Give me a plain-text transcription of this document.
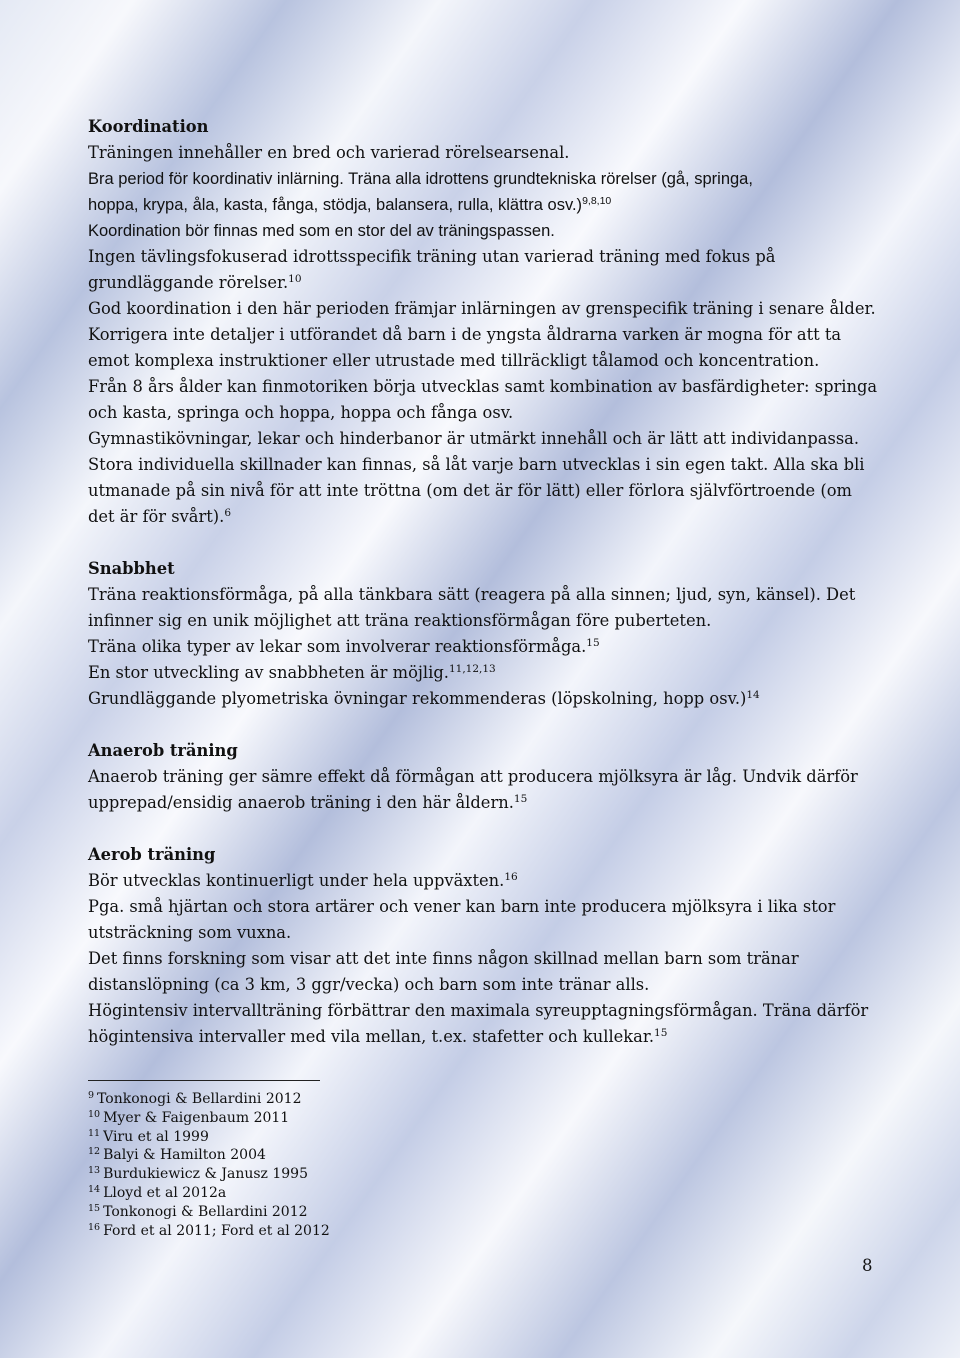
Koordination

Träningen innehåller en bred och varierad rörelsearsenal.

Bra period för koordinativ inlärning. Träna alla idrottens grundtekniska rörelser (gå, springa,

hoppa, krypa, åla, kasta, fånga, stödja, balansera, rulla, klättra osv.)$^{9,8,10}$

Koordination bör finnas med som en stor del av träningspassen.

Ingen tävlingsfokuserad idrottsspecifik träning utan varierad träning med fokus på

grundläggande rörelser.$^{10}$

God koordination i den här perioden främjar inlärningen av grenspecifik träning i senare ålder.

Korrigera inte detaljer i utförandet då barn i de yngsta åldrarna varken är mogna för att ta

emot komplexa instruktioner eller utrustade med tillräckligt tålamod och koncentration.

Från 8 års ålder kan finmotoriken börja utvecklas samt kombination av basfärdigheter: springa

och kasta, springa och hoppa, hoppa och fånga osv.

Gymnastikövningar, lekar och hinderbanor är utmärkt innehåll och är lätt att individanpassa.

Stora individuella skillnader kan finnas, så låt varje barn utvecklas i sin egen takt. Alla ska bli

utmanade på sin nivå för att inte tröttna (om det är för lätt) eller förlora självförtroende (om

det är för svårt).$^6$

Snabbhet

Träna reaktionsförmåga, på alla tänkbara sätt (reagera på alla sinnen; ljud, syn, känsel). Det

infinner sig en unik möjlighet att träna reaktionsförmågan före puberteten.

Träna olika typer av lekar som involverar reaktionsförmåga.$^{15}$

En stor utveckling av snabbheten är möjlig.$^{11,12,13}$

Grundläggande plyometriska övningar rekommenderas (löpskolning, hopp osv.)$^{14}$

Anaerob träning

Anaerob träning ger sämre effekt då förmågan att producera mjölksyra är låg. Undvik därför

upprepad/ensidig anaerob träning i den här åldern.$^{15}$

Aerob träning

Bör utvecklas kontinuerligt under hela uppväxten.$^{16}$

Pga. små hjärtan och stora artärer och vener kan barn inte producera mjölksyra i lika stor

utsträckning som vuxna.

Det finns forskning som visar att det inte finns någon skillnad mellan barn som tränar

distanslöpning (ca 3 km, 3 ggr/vecka) och barn som inte tränar alls.

Högintensiv intervallträning förbättrar den maximala syreupptagningsförmågan. Träna därför

högintensiva intervaller med vila mellan, t.ex. stafetter och kullekar.$^{15}$

$^9$ Tonkonogi & Bellardini 2012

$^{10}$ Myer & Faigenbaum 2011

$^{11}$ Viru et al 1999

$^{12}$ Balyi & Hamilton 2004

$^{13}$ Burdukiewicz & Janusz 1995

$^{14}$ Lloyd et al 2012a

$^{15}$ Tonkonogi & Bellardini 2012

$^{16}$ Ford et al 2011; Ford et al 2012

8
